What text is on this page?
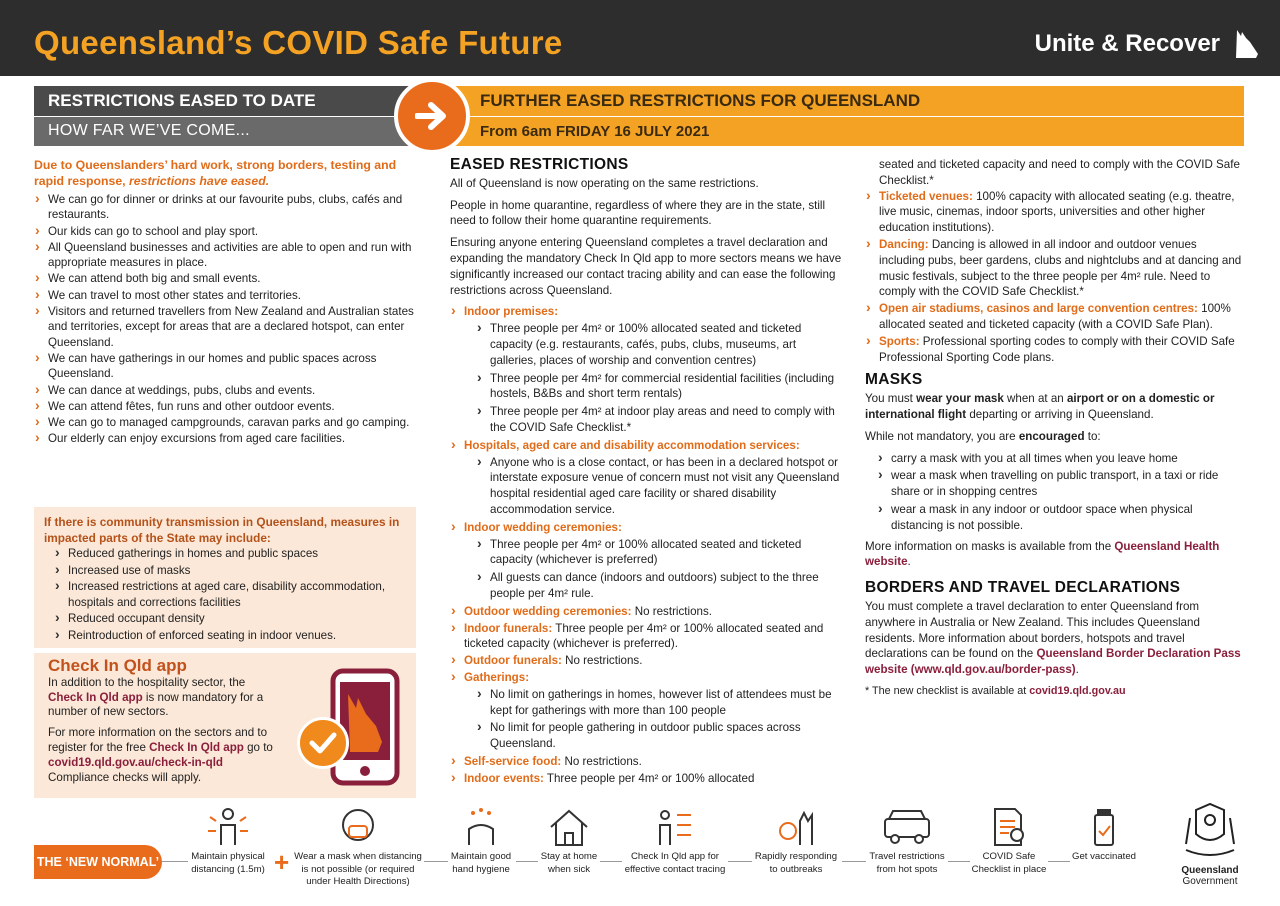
Queensland’s COVID Safe Future	Unite & Recover
RESTRICTIONS EASED TO DATE
HOW FAR WE’VE COME...
FURTHER EASED RESTRICTIONS FOR QUEENSLAND
From 6am FRIDAY 16 JULY 2021
Due to Queenslanders’ hard work, strong borders, testing and rapid response, restrictions have eased.
› We can go for dinner or drinks at our favourite pubs, clubs, cafés and restaurants.
› Our kids can go to school and play sport.
› All Queensland businesses and activities are able to open and run with appropriate measures in place.
› We can attend both big and small events.
› We can travel to most other states and territories.
› Visitors and returned travellers from New Zealand and Australian states and territories, except for areas that are a declared hotspot, can enter Queensland.
› We can have gatherings in our homes and public spaces across Queensland.
› We can dance at weddings, pubs, clubs and events.
› We can attend fêtes, fun runs and other outdoor events.
› We can go to managed campgrounds, caravan parks and go camping.
› Our elderly can enjoy excursions from aged care facilities.
If there is community transmission in Queensland, measures in impacted parts of the State may include:
› Reduced gatherings in homes and public spaces
› Increased use of masks
› Increased restrictions at aged care, disability accommodation, hospitals and corrections facilities
› Reduced occupant density
› Reintroduction of enforced seating in indoor venues.
Check In Qld app
In addition to the hospitality sector, the Check In Qld app is now mandatory for a number of new sectors.
For more information on the sectors and to register for the free Check In Qld app go to covid19.qld.gov.au/check-in-qld
Compliance checks will apply.
EASED RESTRICTIONS

All of Queensland is now operating on the same restrictions.

People in home quarantine, regardless of where they are in the state, still need to follow their home quarantine requirements.

Ensuring anyone entering Queensland completes a travel declaration and expanding the mandatory Check In Qld app to more sectors means we have significantly increased our contact tracing ability and can ease the following restrictions across Queensland.

› Indoor premises:
› Three people per 4m² or 100% allocated seated and ticketed capacity (e.g. restaurants, cafés, pubs, clubs, museums, art galleries, places of worship and convention centres)
› Three people per 4m² for commercial residential facilities (including hostels, B&Bs and short term rentals)
› Three people per 4m² at indoor play areas and need to comply with the COVID Safe Checklist.*
› Hospitals, aged care and disability accommodation services:
› Anyone who is a close contact, or has been in a declared hotspot or interstate exposure venue of concern must not visit any Queensland hospital residential aged care facility or shared disability accommodation service.
› Indoor wedding ceremonies:
› Three people per 4m² or 100% allocated seated and ticketed capacity (whichever is preferred)
› All guests can dance (indoors and outdoors) subject to the three people per 4m² rule.
› Outdoor wedding ceremonies: No restrictions.
› Indoor funerals: Three people per 4m² or 100% allocated seated and ticketed capacity (whichever is preferred).
› Outdoor funerals: No restrictions.
› Gatherings:
› No limit on gatherings in homes, however list of attendees must be kept for gatherings with more than 100 people
› No limit for people gathering in outdoor public spaces across Queensland.
› Self-service food: No restrictions.
› Indoor events: Three people per 4m² or 100% allocated
seated and ticketed capacity and need to comply with the COVID Safe Checklist.*
› Ticketed venues: 100% capacity with allocated seating (e.g. theatre, live music, cinemas, indoor sports, universities and other higher education institutions).
› Dancing: Dancing is allowed in all indoor and outdoor venues including pubs, beer gardens, clubs and nightclubs and at dancing and music festivals, subject to the three people per 4m² rule. Need to comply with the COVID Safe Checklist.*
› Open air stadiums, casinos and large convention centres: 100% allocated seated and ticketed capacity (with a COVID Safe Plan).
› Sports: Professional sporting codes to comply with their COVID Safe Professional Sporting Code plans.
MASKS

You must wear your mask when at an airport or on a domestic or international flight departing or arriving in Queensland.

While not mandatory, you are encouraged to:

› carry a mask with you at all times when you leave home
› wear a mask when travelling on public transport, in a taxi or ride share or in shopping centres
› wear a mask in any indoor or outdoor space when physical distancing is not possible.

More information on masks is available from the Queensland Health website.

BORDERS AND TRAVEL DECLARATIONS

You must complete a travel declaration to enter Queensland from anywhere in Australia or New Zealand. This includes Queensland residents. More information about borders, hotspots and travel declarations can be found on the Queensland Border Declaration Pass website (www.qld.gov.au/border-pass).

* The new checklist is available at covid19.qld.gov.au

THE ‘NEW NORMAL’	+
Maintain physical distancing (1.5m)
Wear a mask when distancing is not possible (or required under Health Directions)
Maintain good hand hygiene
Stay at home when sick
Check In Qld app for effective contact tracing
Rapidly responding to outbreaks
Travel restrictions from hot spots
COVID Safe Checklist in place
Get vaccinated
Queensland
Government
